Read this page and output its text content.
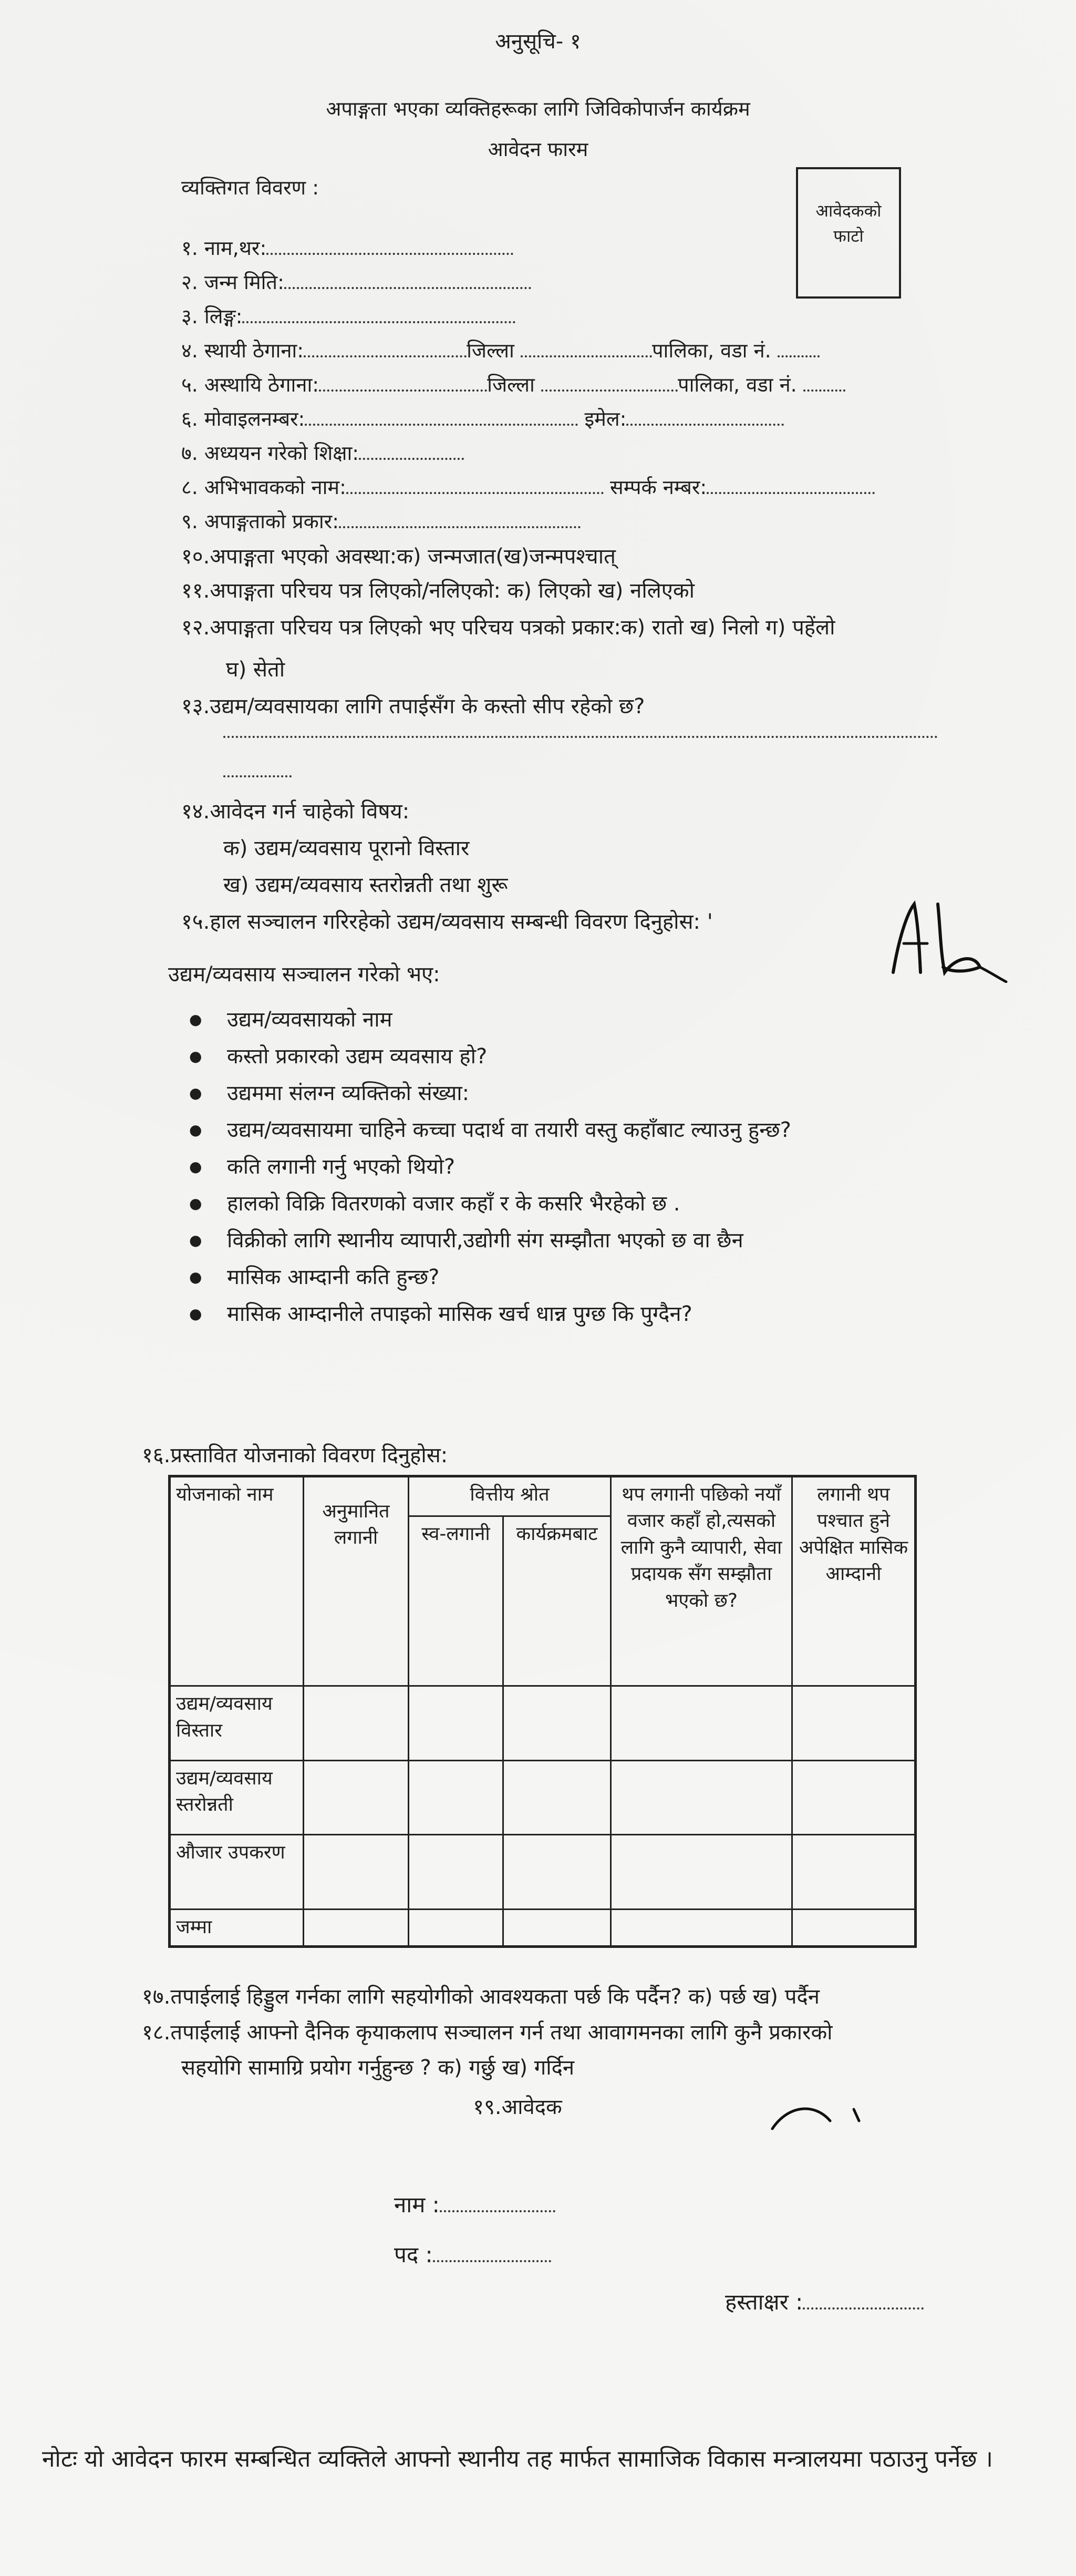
अनुसूचि- १
अपाङ्गता भएका व्यक्तिहरूका लागि जिविकोपार्जन कार्यक्रम
आवेदन फारम
व्यक्तिगत विवरण :
आवेदकको फाटो
१. नाम,थर:
२. जन्म मिति:
३. लिङ्ग:
४. स्थायी ठेगाना:	जिल्ला	पालिका, वडा नं.
५. अस्थायि ठेगाना:	जिल्ला	पालिका, वडा नं.
६. मोवाइलनम्बर:	इमेल:
७. अध्ययन गरेको शिक्षा:
८. अभिभावकको नाम:	सम्पर्क नम्बर:
९. अपाङ्गताको प्रकार:
१०.अपाङ्गता भएको अवस्था:क) जन्मजात(ख)जन्मपश्चात्
११.अपाङ्गता परिचय पत्र लिएको/नलिएको: क) लिएको ख) नलिएको
१२.अपाङ्गता परिचय पत्र लिएको भए परिचय पत्रको प्रकार:क) रातो ख) निलो ग) पहेंलो
घ) सेतो
१३.उद्यम/व्यवसायका लागि तपाईसँग के कस्तो सीप रहेको छ?
१४.आवेदन गर्न चाहेको विषय:
क) उद्यम/व्यवसाय पूरानो विस्तार
ख) उद्यम/व्यवसाय स्तरोन्नती तथा शुरू
१५.हाल सञ्चालन गरिरहेको उद्यम/व्यवसाय सम्बन्धी विवरण दिनुहोस: '
उद्यम/व्यवसाय सञ्चालन गरेको भए:
● उद्यम/व्यवसायको नाम
● कस्तो प्रकारको उद्यम व्यवसाय हो?
● उद्यममा संलग्न व्यक्तिको संख्या:
● उद्यम/व्यवसायमा चाहिने कच्चा पदार्थ वा तयारी वस्तु कहाँबाट ल्याउनु हुन्छ?
● कति लगानी गर्नु भएको थियो?
● हालको विक्रि वितरणको वजार कहाँ र के कसरि भैरहेको छ .
● विक्रीको लागि स्थानीय व्यापारी,उद्योगी संग सम्झौता भएको छ वा छैन
● मासिक आम्दानी कति हुन्छ?
● मासिक आम्दानीले तपाइको मासिक खर्च धान्न पुग्छ कि पुग्दैन?
१६.प्रस्तावित योजनाको विवरण दिनुहोस:
योजनाको नाम	अनुमानित लगानी	वित्तीय श्रोत		थप लगानी पछिको नयाँ वजार कहाँ हो,त्यसको लागि कुनै व्यापारी, सेवा प्रदायक सँग सम्झौता भएको छ?	लगानी थप पश्चात हुने अपेक्षित मासिक आम्दानी
		स्व-लगानी	कार्यक्रमबाट		
उद्यम/व्यवसाय विस्तार					
उद्यम/व्यवसाय स्तरोन्नती					
औजार उपकरण					
जम्मा					
१७.तपाईलाई हिड्डुल गर्नका लागि सहयोगीको आवश्यकता पर्छ कि पर्दैन? क) पर्छ ख) पर्दैन
१८.तपाईलाई आफ्नो दैनिक कृयाकलाप सञ्चालन गर्न तथा आवागमनका लागि कुनै प्रकारको
सहयोगि सामाग्रि प्रयोग गर्नुहुन्छ ? क) गर्छु ख) गर्दिन
१९.आवेदक
नाम :
पद :
हस्ताक्षर :
नोटः यो आवेदन फारम सम्बन्धित व्यक्तिले आफ्नो स्थानीय तह मार्फत सामाजिक विकास मन्त्रालयमा पठाउनु पर्नेछ ।
